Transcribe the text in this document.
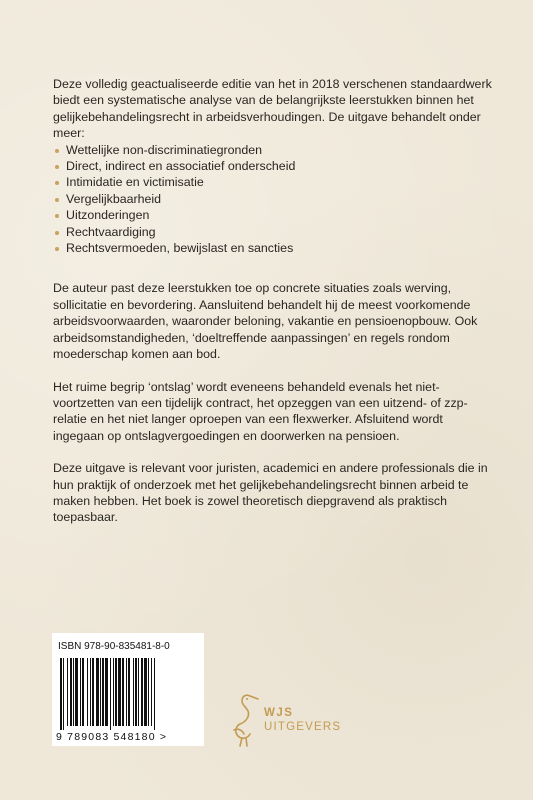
Deze volledig geactualiseerde editie van het in 2018 verschenen standaardwerk biedt een systematische analyse van de belangrijkste leerstukken binnen het gelijkebehandelingsrecht in arbeidsverhoudingen. De uitgave behandelt onder meer:

Wettelijke non-discriminatiegronden
Direct, indirect en associatief onderscheid
Intimidatie en victimisatie
Vergelijkbaarheid
Uitzonderingen
Rechtvaardiging
Rechtsvermoeden, bewijslast en sancties

De auteur past deze leerstukken toe op concrete situaties zoals werving, sollicitatie en bevordering. Aansluitend behandelt hij de meest voorkomende arbeidsvoorwaarden, waaronder beloning, vakantie en pensioenopbouw. Ook arbeidsomstandigheden, ‘doeltreffende aanpassingen’ en regels rondom moederschap komen aan bod.

Het ruime begrip ‘ontslag’ wordt eveneens behandeld evenals het niet-voortzetten van een tijdelijk contract, het opzeggen van een uitzend- of zzp-relatie en het niet langer oproepen van een flexwerker. Afsluitend wordt ingegaan op ontslagvergoedingen en doorwerken na pensioen.

Deze uitgave is relevant voor juristen, academici en andere professionals die in hun praktijk of onderzoek met het gelijkebehandelingsrecht binnen arbeid te maken hebben. Het boek is zowel theoretisch diepgravend als praktisch toepasbaar.

ISBN 978-90-835481-8-0
9 789083 548180 >
WJS
UITGEVERS
